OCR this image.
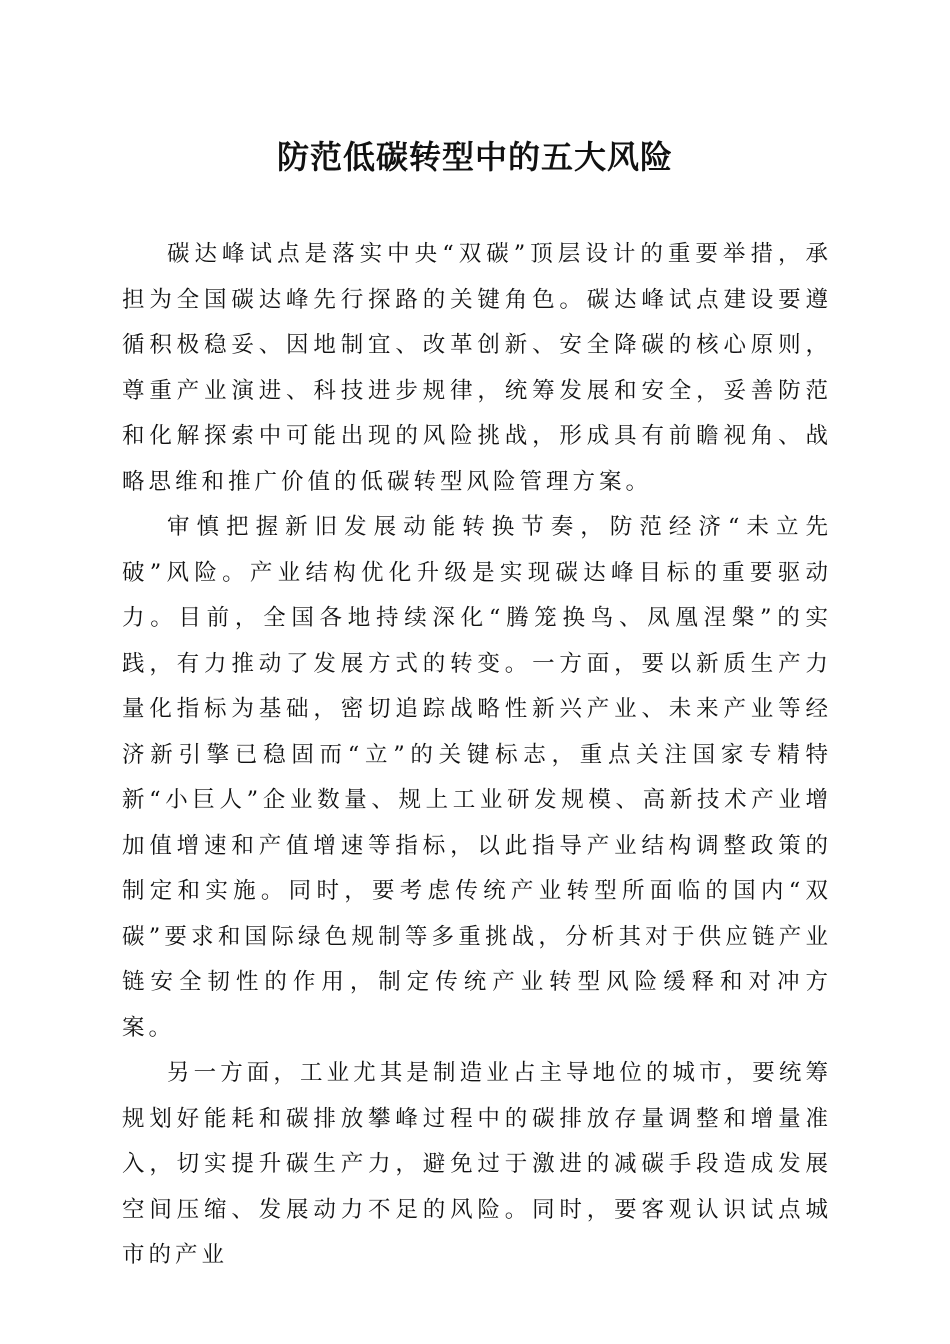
防范低碳转型中的五大风险

碳达峰试点是落实中央“双碳”顶层设计的重要举措，承担为全国碳达峰先行探路的关键角色。碳达峰试点建设要遵循积极稳妥、因地制宜、改革创新、安全降碳的核心原则，尊重产业演进、科技进步规律，统筹发展和安全，妥善防范和化解探索中可能出现的风险挑战，形成具有前瞻视角、战略思维和推广价值的低碳转型风险管理方案。

审慎把握新旧发展动能转换节奏，防范经济“未立先破”风险。产业结构优化升级是实现碳达峰目标的重要驱动力。目前，全国各地持续深化“腾笼换鸟、凤凰涅槃”的实践，有力推动了发展方式的转变。一方面，要以新质生产力量化指标为基础，密切追踪战略性新兴产业、未来产业等经济新引擎已稳固而“立”的关键标志，重点关注国家专精特新“小巨人”企业数量、规上工业研发规模、高新技术产业增加值增速和产值增速等指标，以此指导产业结构调整政策的制定和实施。同时，要考虑传统产业转型所面临的国内“双碳”要求和国际绿色规制等多重挑战，分析其对于供应链产业链安全韧性的作用，制定传统产业转型风险缓释和对冲方案。

另一方面，工业尤其是制造业占主导地位的城市，要统筹规划好能耗和碳排放攀峰过程中的碳排放存量调整和增量准入，切实提升碳生产力，避免过于激进的减碳手段造成发展空间压缩、发展动力不足的风险。同时，要客观认识试点城市的产业
